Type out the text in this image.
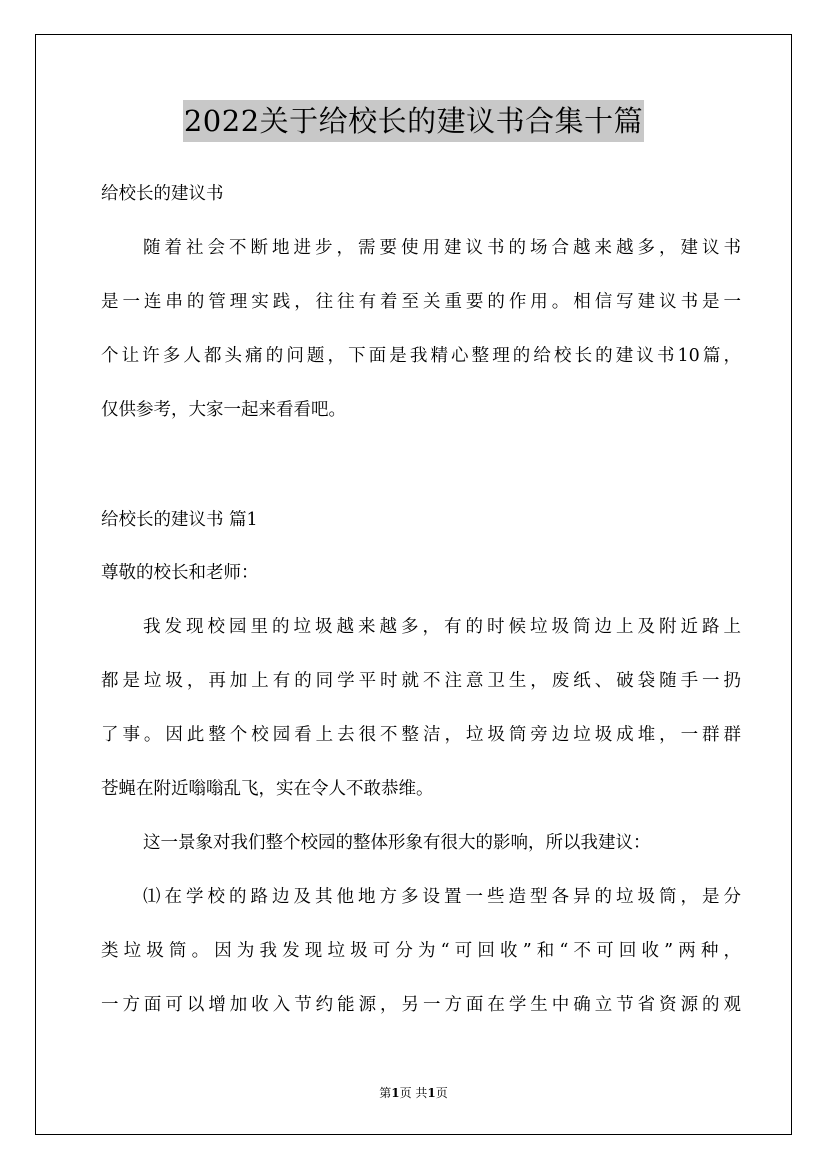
2022关于给校长的建议书合集十篇
给校长的建议书
随着社会不断地进步，需要使用建议书的场合越来越多，建议书
是一连串的管理实践，往往有着至关重要的作用。相信写建议书是一
个让许多人都头痛的问题，下面是我精心整理的给校长的建议书10篇，
仅供参考，大家一起来看看吧。
给校长的建议书 篇1
尊敬的校长和老师：
我发现校园里的垃圾越来越多，有的时候垃圾筒边上及附近路上
都是垃圾，再加上有的同学平时就不注意卫生，废纸、破袋随手一扔
了事。因此整个校园看上去很不整洁，垃圾筒旁边垃圾成堆，一群群
苍蝇在附近嗡嗡乱飞，实在令人不敢恭维。
这一景象对我们整个校园的整体形象有很大的影响，所以我建议：
⑴在学校的路边及其他地方多设置一些造型各异的垃圾筒，是分
类垃圾筒。因为我发现垃圾可分为“可回收”和“不可回收”两种，
一方面可以增加收入节约能源，另一方面在学生中确立节省资源的观
第1页 共1页
